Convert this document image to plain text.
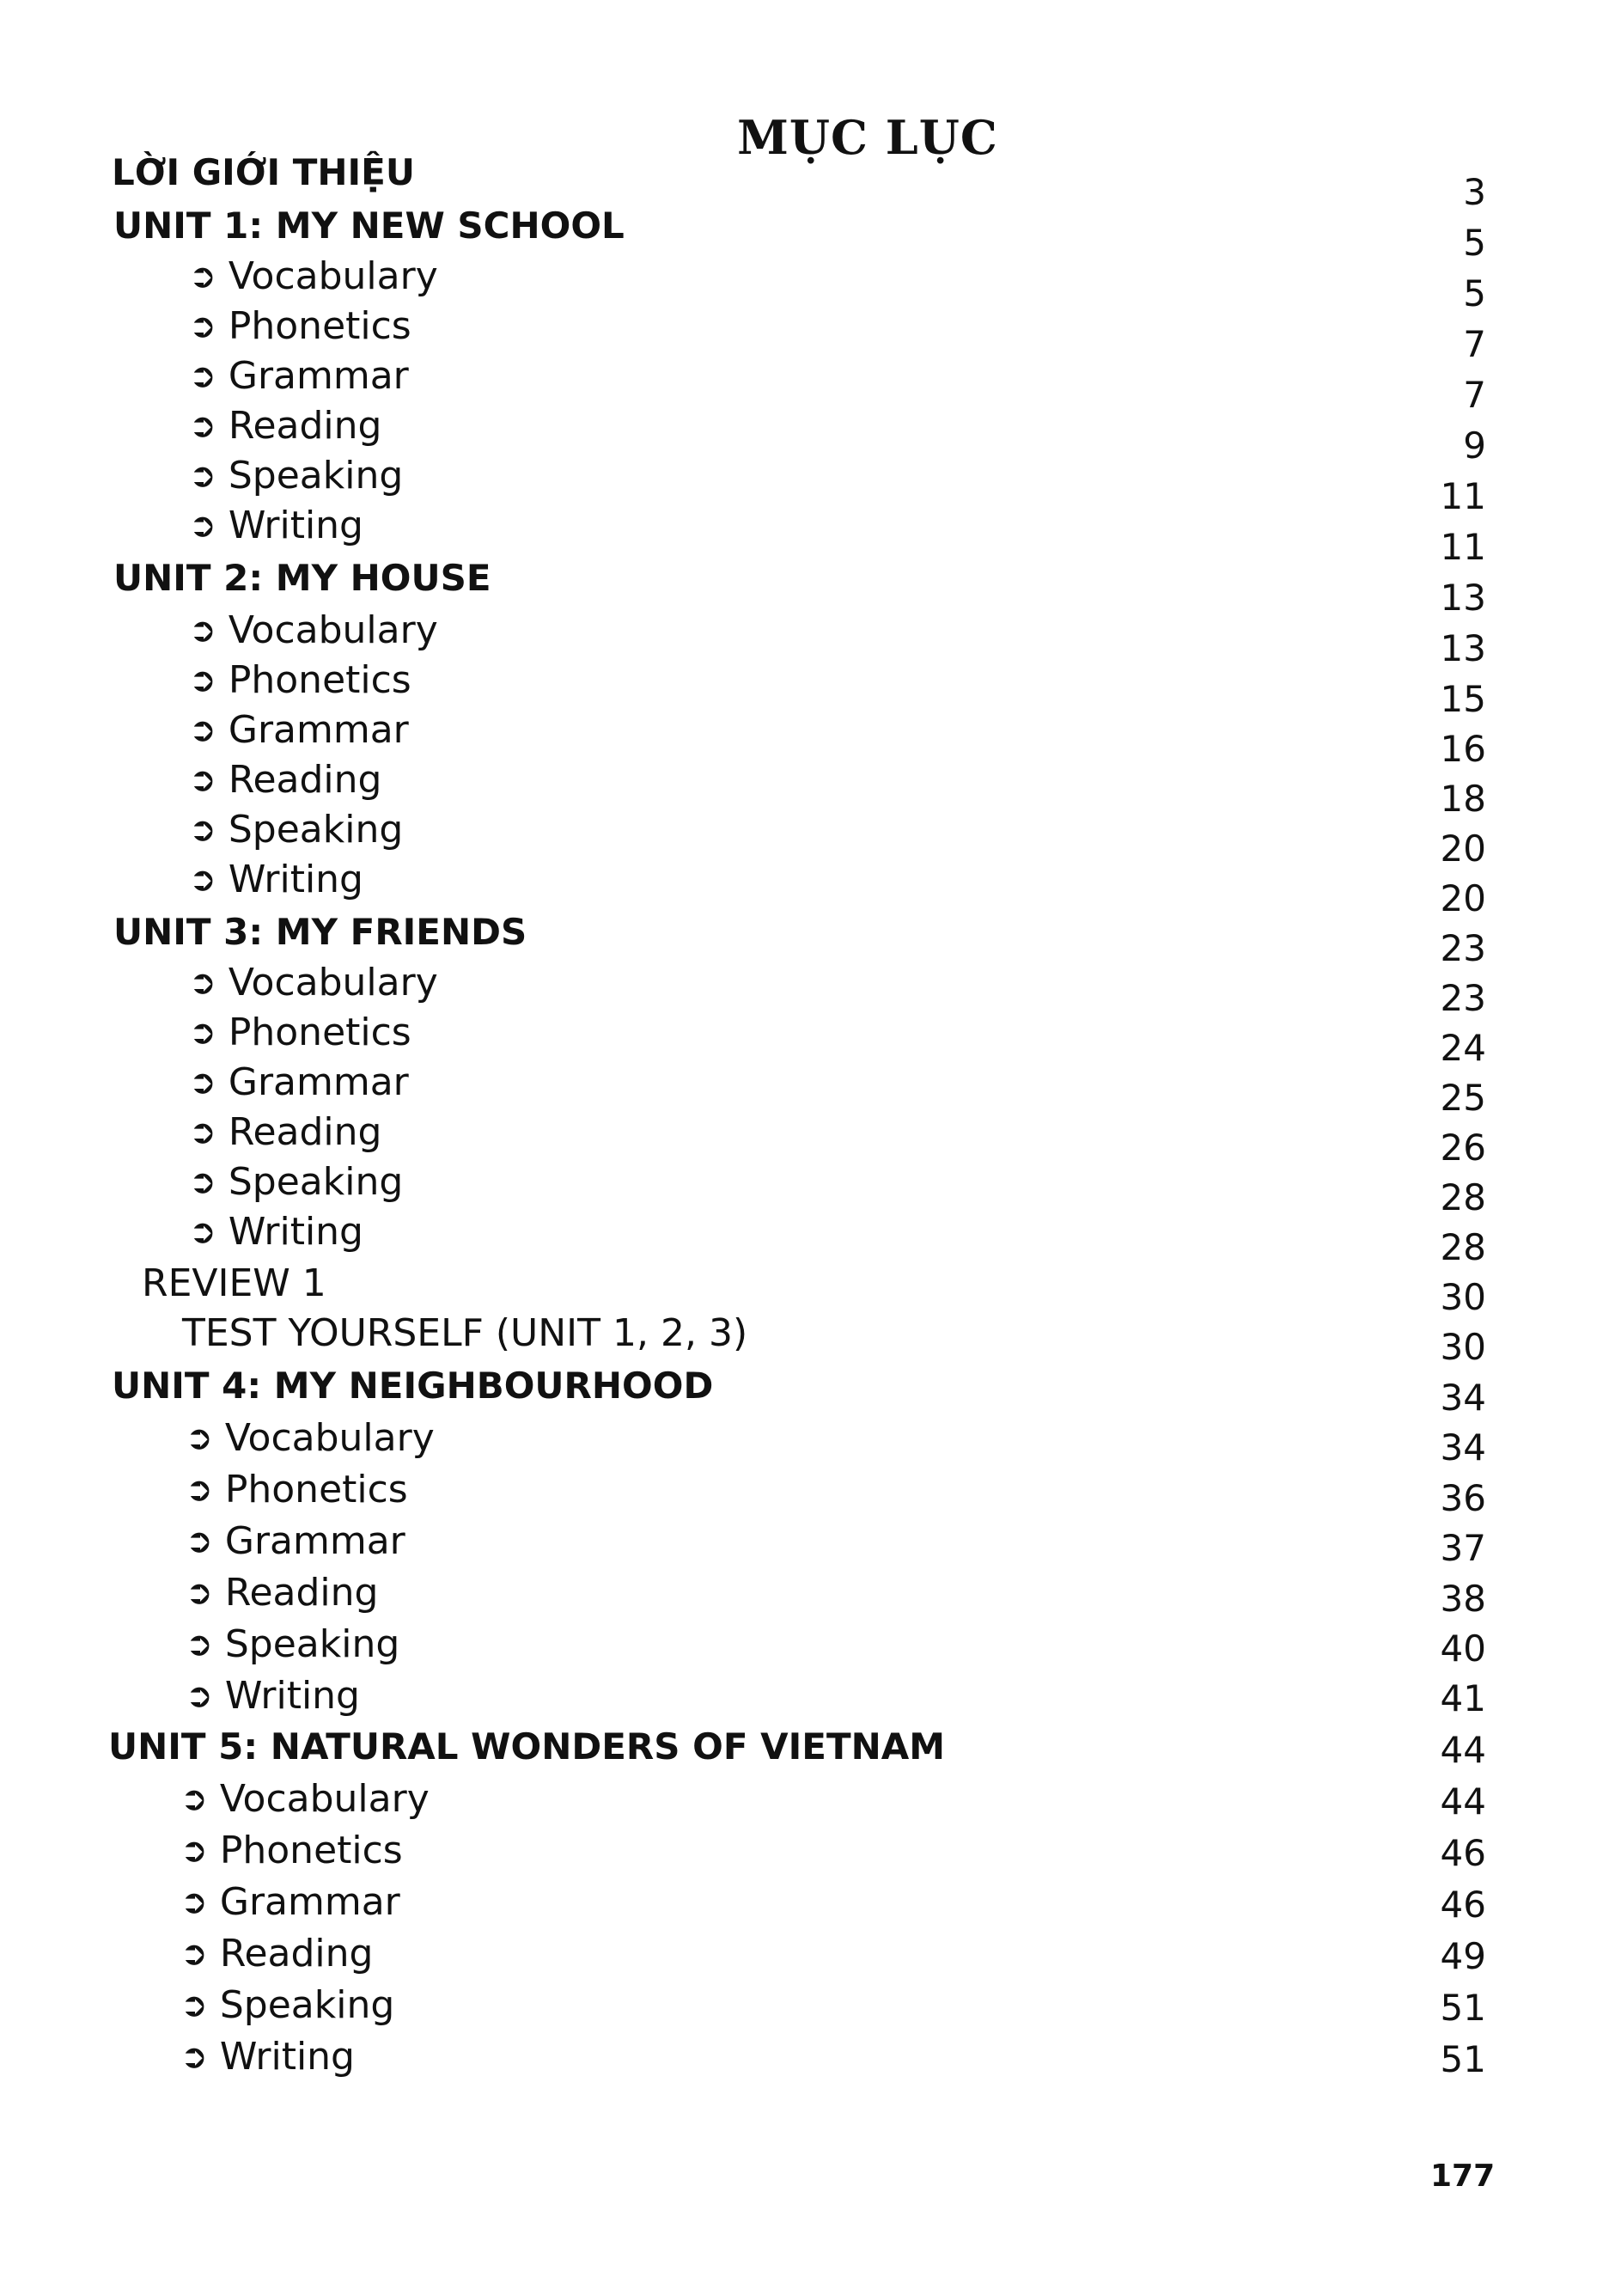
MỤC LỤC
LỜI GIỚI THIỆU
UNIT 1: MY NEW SCHOOL
➲ Vocabulary
➲ Phonetics
➲ Grammar
➲ Reading
➲ Speaking
➲ Writing
UNIT 2: MY HOUSE
➲ Vocabulary
➲ Phonetics
➲ Grammar
➲ Reading
➲ Speaking
➲ Writing
UNIT 3: MY FRIENDS
➲ Vocabulary
➲ Phonetics
➲ Grammar
➲ Reading
➲ Speaking
➲ Writing
REVIEW 1
TEST YOURSELF (UNIT 1, 2, 3)
UNIT 4: MY NEIGHBOURHOOD
➲ Vocabulary
➲ Phonetics
➲ Grammar
➲ Reading
➲ Speaking
➲ Writing
UNIT 5: NATURAL WONDERS OF VIETNAM
➲ Vocabulary
➲ Phonetics
➲ Grammar
➲ Reading
➲ Speaking
➲ Writing
3
5
5
7
7
9
11
11
13
13
15
16
18
20
20
23
23
24
25
26
28
28
30
30
34
34
36
37
38
40
41
44
44
46
46
49
51
51
177
